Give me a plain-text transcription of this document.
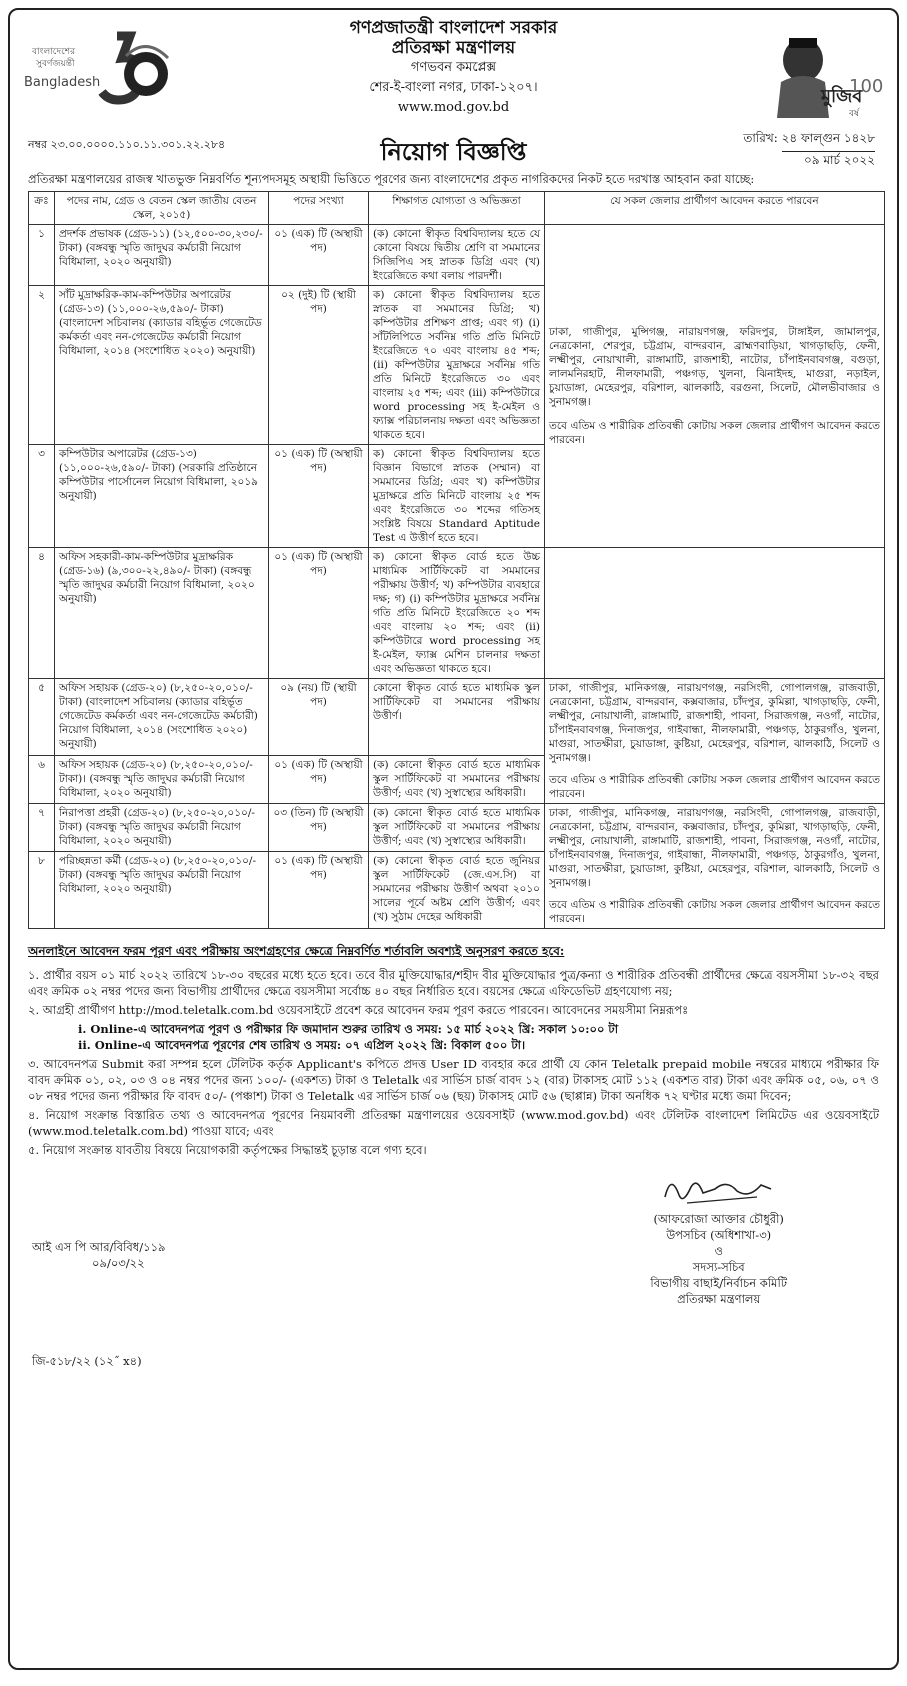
বাংলাদেশের
সুবর্ণজয়ন্তী
Bangladesh
গণপ্রজাতন্ত্রী বাংলাদেশ সরকার
প্রতিরক্ষা মন্ত্রণালয়
গণভবন কমপ্লেক্স
শের-ই-বাংলা নগর, ঢাকা-১২০৭।
www.mod.gov.bd
মুজিব
বর্ষ
100
নম্বর ২৩.০০.০০০০.১১০.১১.৩০১.২২.২৮৪	নিয়োগ বিজ্ঞপ্তি	তারিখ: ২৪ ফাল্গুন ১৪২৮
০৯ মার্চ ২০২২
প্রতিরক্ষা মন্ত্রণালয়ের রাজস্ব খাতভুক্ত নিম্নবর্ণিত শূন্যপদসমূহ অস্থায়ী ভিত্তিতে পূরণের জন্য বাংলাদেশের প্রকৃত নাগরিকদের নিকট হতে দরখাস্ত আহবান করা যাচ্ছে:
ক্রঃ	পদের নাম, গ্রেড ও বেতন স্কেল জাতীয় বেতন স্কেল, ২০১৫)	পদের সংখ্যা	শিক্ষাগত যোগ্যতা ও অভিজ্ঞতা	যে সকল জেলার প্রার্থীগণ আবেদন করতে পারবেন
১	প্রদর্শক প্রভাষক (গ্রেড-১১) (১২,৫০০-৩০,২৩০/- টাকা) (বঙ্গবন্ধু স্মৃতি জাদুঘর কর্মচারী নিয়োগ বিধিমালা, ২০২০ অনুযায়ী)	০১ (এক) টি (অস্থায়ী পদ)	(ক) কোনো স্বীকৃত বিশ্ববিদ্যালয় হতে যে কোনো বিষয়ে দ্বিতীয় শ্রেণি বা সমমানের সিজিপিএ সহ স্নাতক ডিগ্রি এবং (খ) ইংরেজিতে কথা বলায় পারদর্শী।	ঢাকা, গাজীপুর, মুন্সিগঞ্জ, নারায়ণগঞ্জ, ফরিদপুর, টাঙ্গাইল, জামালপুর, নেত্রকোনা, শেরপুর, চট্টগ্রাম, বান্দরবান, ব্রাহ্মণবাড়িয়া, খাগড়াছড়ি, ফেনী, লক্ষ্মীপুর, নোয়াখালী, রাঙ্গামাটি, রাজশাহী, নাটোর, চাঁপাইনবাবগঞ্জ, বগুড়া, লালমনিরহাট, নীলফামারী, পঞ্চগড়, খুলনা, ঝিনাইদহ, মাগুরা, নড়াইল, চুয়াডাঙ্গা, মেহেরপুর, বরিশাল, ঝালকাঠি, বরগুনা, সিলেট, মৌলভীবাজার ও সুনামগঞ্জ।

তবে এতিম ও শারীরিক প্রতিবন্ধী কোটায় সকল জেলার প্রার্থীগণ আবেদন করতে পারবেন।

২	সাঁট মুদ্রাক্ষরিক-কাম-কম্পিউটার অপারেটর (গ্রেড-১৩) (১১,০০০-২৬,৫৯০/- টাকা) (বাংলাদেশ সচিবালয় (ক্যাডার বহির্ভূত গেজেটেড কর্মকর্তা এবং নন-গেজেটেড কর্মচারী নিয়োগ বিধিমালা, ২০১৪ (সংশোধিত ২০২০) অনুযায়ী)	০২ (দুই) টি (স্থায়ী পদ)	ক) কোনো স্বীকৃত বিশ্ববিদ্যালয় হতে স্নাতক বা সমমানের ডিগ্রি; খ) কম্পিউটার প্রশিক্ষণ প্রাপ্ত; এবং গ) (i) সাঁটলিপিতে সর্বনিম্ন গতি প্রতি মিনিটে ইংরেজিতে ৭০ এবং বাংলায় ৪৫ শব্দ; (ii) কম্পিউটার মুদ্রাক্ষরে সর্বনিম্ন গতি প্রতি মিনিটে ইংরেজিতে ৩০ এবং বাংলায় ২৫ শব্দ; এবং (iii) কম্পিউটারে word processing সহ ই-মেইল ও ফ্যাক্স পরিচালনায় দক্ষতা এবং অভিজ্ঞতা থাকতে হবে।	
৩	কম্পিউটার অপারেটর (গ্রেড-১৩) (১১,০০০-২৬,৫৯০/- টাকা) (সরকারি প্রতিষ্ঠানে কম্পিউটার পার্সোনেল নিয়োগ বিধিমালা, ২০১৯ অনুযায়ী)	০১ (এক) টি (অস্থায়ী পদ)	ক) কোনো স্বীকৃত বিশ্ববিদ্যালয় হতে বিজ্ঞান বিভাগে স্নাতক (সম্মান) বা সমমানের ডিগ্রি; এবং খ) কম্পিউটার মুদ্রাক্ষরে প্রতি মিনিটে বাংলায় ২৫ শব্দ এবং ইংরেজিতে ৩০ শব্দের গতিসহ সংশ্লিষ্ট বিষয়ে Standard Aptitude Test এ উত্তীর্ণ হতে হবে।	
৪	অফিস সহকারী-কাম-কম্পিউটার মুদ্রাক্ষরিক (গ্রেড-১৬) (৯,৩০০-২২,৪৯০/- টাকা) (বঙ্গবন্ধু স্মৃতি জাদুঘর কর্মচারী নিয়োগ বিধিমালা, ২০২০ অনুযায়ী)	০১ (এক) টি (অস্থায়ী পদ)	ক) কোনো স্বীকৃত বোর্ড হতে উচ্চ মাধ্যমিক সার্টিফিকেট বা সমমানের পরীক্ষায় উত্তীর্ণ; খ) কম্পিউটার ব্যবহারে দক্ষ; গ) (i) কম্পিউটার মুদ্রাক্ষরে সর্বনিম্ন গতি প্রতি মিনিটে ইংরেজিতে ২০ শব্দ এবং বাংলায় ২০ শব্দ; এবং (ii) কম্পিউটারে word processing সহ ই-মেইল, ফ্যাক্স মেশিন চালনার দক্ষতা এবং অভিজ্ঞতা থাকতে হবে।	
৫	অফিস সহায়ক (গ্রেড-২০) (৮,২৫০-২০,০১০/- টাকা) (বাংলাদেশ সচিবালয় (ক্যাডার বহির্ভূত গেজেটেড কর্মকর্তা এবং নন-গেজেটেড কর্মচারী) নিয়োগ বিধিমালা, ২০১৪ (সংশোধিত ২০২০) অনুযায়ী)	০৯ (নয়) টি (স্থায়ী পদ)	কোনো স্বীকৃত বোর্ড হতে মাধ্যমিক স্কুল সার্টিফিকেট বা সমমানের পরীক্ষায় উত্তীর্ণ।	ঢাকা, গাজীপুর, মানিকগঞ্জ, নারায়ণগঞ্জ, নরসিংদী, গোপালগঞ্জ, রাজবাড়ী, নেত্রকোনা, চট্টগ্রাম, বান্দরবান, কক্সবাজার, চাঁদপুর, কুমিল্লা, খাগড়াছড়ি, ফেনী, লক্ষ্মীপুর, নোয়াখালী, রাঙ্গামাটি, রাজশাহী, পাবনা, সিরাজগঞ্জ, নওগাঁ, নাটোর, চাঁপাইনবাবগঞ্জ, দিনাজপুর, গাইবান্ধা, নীলফামারী, পঞ্চগড়, ঠাকুরগাঁও, খুলনা, মাগুরা, সাতক্ষীরা, চুয়াডাঙ্গা, কুষ্টিয়া, মেহেরপুর, বরিশাল, ঝালকাঠি, সিলেট ও সুনামগঞ্জ।

তবে এতিম ও শারীরিক প্রতিবন্ধী কোটায় সকল জেলার প্রার্থীগণ আবেদন করতে পারবেন।

৬	অফিস সহায়ক (গ্রেড-২০) (৮,২৫০-২০,০১০/- টাকা)। (বঙ্গবন্ধু স্মৃতি জাদুঘর কর্মচারী নিয়োগ বিধিমালা, ২০২০ অনুযায়ী)	০১ (এক) টি (অস্থায়ী পদ)	(ক) কোনো স্বীকৃত বোর্ড হতে মাধ্যমিক স্কুল সার্টিফিকেট বা সমমানের পরীক্ষায় উত্তীর্ণ; এবং (খ) সুস্বাস্থ্যের অধিকারী।	
৭	নিরাপত্তা প্রহরী (গ্রেড-২০) (৮,২৫০-২০,০১০/- টাকা) (বঙ্গবন্ধু স্মৃতি জাদুঘর কর্মচারী নিয়োগ বিধিমালা, ২০২০ অনুযায়ী)	০৩ (তিন) টি (অস্থায়ী পদ)	(ক) কোনো স্বীকৃত বোর্ড হতে মাধ্যমিক স্কুল সার্টিফিকেট বা সমমানের পরীক্ষায় উত্তীর্ণ; এবং (খ) সুস্বাস্থ্যের অধিকারী।	ঢাকা, গাজীপুর, মানিকগঞ্জ, নারায়ণগঞ্জ, নরসিংদী, গোপালগঞ্জ, রাজবাড়ী, নেত্রকোনা, চট্টগ্রাম, বান্দরবান, কক্সবাজার, চাঁদপুর, কুমিল্লা, খাগড়াছড়ি, ফেনী, লক্ষ্মীপুর, নোয়াখালী, রাঙ্গামাটি, রাজশাহী, পাবনা, সিরাজগঞ্জ, নওগাঁ, নাটোর, চাঁপাইনবাবগঞ্জ, দিনাজপুর, গাইবান্ধা, নীলফামারী, পঞ্চগড়, ঠাকুরগাঁও, খুলনা, মাগুরা, সাতক্ষীরা, চুয়াডাঙ্গা, কুষ্টিয়া, মেহেরপুর, বরিশাল, ঝালকাঠি, সিলেট ও সুনামগঞ্জ।

তবে এতিম ও শারীরিক প্রতিবন্ধী কোটায় সকল জেলার প্রার্থীগণ আবেদন করতে পারবেন।

৮	পরিচ্ছন্নতা কর্মী (গ্রেড-২০) (৮,২৫০-২০,০১০/- টাকা) (বঙ্গবন্ধু স্মৃতি জাদুঘর কর্মচারী নিয়োগ বিধিমালা, ২০২০ অনুযায়ী)	০১ (এক) টি (অস্থায়ী পদ)	(ক) কোনো স্বীকৃত বোর্ড হতে জুনিয়র স্কুল সার্টিফিকেট (জে.এস.সি) বা সমমানের পরীক্ষায় উত্তীর্ণ অথবা ২০১০ সালের পূর্বে অষ্টম শ্রেণি উত্তীর্ণ; এবং (খ) সুঠাম দেহের অধিকারী	
অনলাইনে আবেদন ফরম পূরণ এবং পরীক্ষায় অংশগ্রহণের ক্ষেত্রে নিম্নবর্ণিত শর্তাবলি অবশ্যই অনুসরণ করতে হবে:

১. প্রার্থীর বয়স ০১ মার্চ ২০২২ তারিখে ১৮-৩০ বছরের মধ্যে হতে হবে। তবে বীর মুক্তিযোদ্ধার/শহীদ বীর মুক্তিযোদ্ধার পুত্র/কন্যা ও শারীরিক প্রতিবন্ধী প্রার্থীদের ক্ষেত্রে বয়সসীমা ১৮-৩২ বছর এবং ক্রমিক ০২ নম্বর পদের জন্য বিভাগীয় প্রার্থীদের ক্ষেত্রে বয়সসীমা সর্বোচ্চ ৪০ বছর নির্ধারিত হবে। বয়সের ক্ষেত্রে এফিডেভিট গ্রহণযোগ্য নয়;

২. আগ্রহী প্রার্থীগণ http://mod.teletalk.com.bd ওয়েবসাইটে প্রবেশ করে আবেদন ফরম পূরণ করতে পারবেন। আবেদনের সময়সীমা নিম্নরূপঃ

i. Online-এ আবেদনপত্র পূরণ ও পরীক্ষার ফি জমাদান শুরুর তারিখ ও সময়: ১৫ মার্চ ২০২২ খ্রি: সকাল ১০:০০ টা

ii. Online-এ আবেদনপত্র পূরণের শেষ তারিখ ও সময়: ০৭ এপ্রিল ২০২২ খ্রি: বিকাল ৫০০ টা।

৩. আবেদনপত্র Submit করা সম্পন্ন হলে টেলিটক কর্তৃক Applicant's কপিতে প্রদত্ত User ID ব্যবহার করে প্রার্থী যে কোন Teletalk prepaid mobile নম্বরের মাধ্যমে পরীক্ষার ফি বাবদ ক্রমিক ০১, ০২, ০৩ ও ০৪ নম্বর পদের জন্য ১০০/- (একশত) টাকা ও Teletalk এর সার্ভিস চার্জ বাবদ ১২ (বার) টাকাসহ মোট ১১২ (একশত বার) টাকা এবং ক্রমিক ০৫, ০৬, ০৭ ও ০৮ নম্বর পদের জন্য পরীক্ষার ফি বাবদ ৫০/- (পঞ্চাশ) টাকা ও Teletalk এর সার্ভিস চার্জ ০৬ (ছয়) টাকাসহ মোট ৫৬ (ছাপ্পান্ন) টাকা অনধিক ৭২ ঘণ্টার মধ্যে জমা দিবেন;

৪. নিয়োগ সংক্রান্ত বিস্তারিত তথ্য ও আবেদনপত্র পূরণের নিয়মাবলী প্রতিরক্ষা মন্ত্রণালয়ের ওয়েবসাইট (www.mod.gov.bd) এবং টেলিটক বাংলাদেশ লিমিটেড এর ওয়েবসাইটে (www.mod.teletalk.com.bd) পাওয়া যাবে; এবং

৫. নিয়োগ সংক্রান্ত যাবতীয় বিষয়ে নিয়োগকারী কর্তৃপক্ষের সিদ্ধান্তই চূড়ান্ত বলে গণ্য হবে।

(আফরোজা আক্তার চৌধুরী)
উপসচিব (অধিশাখা-৩)
ও
সদস্য-সচিব
বিভাগীয় বাছাই/নির্বাচন কমিটি
প্রতিরক্ষা মন্ত্রণালয়
আই এস পি আর/বিবিধ/১১৯
০৯/০৩/২২
জি-৫১৮/২২ (১২˝ x৪)
